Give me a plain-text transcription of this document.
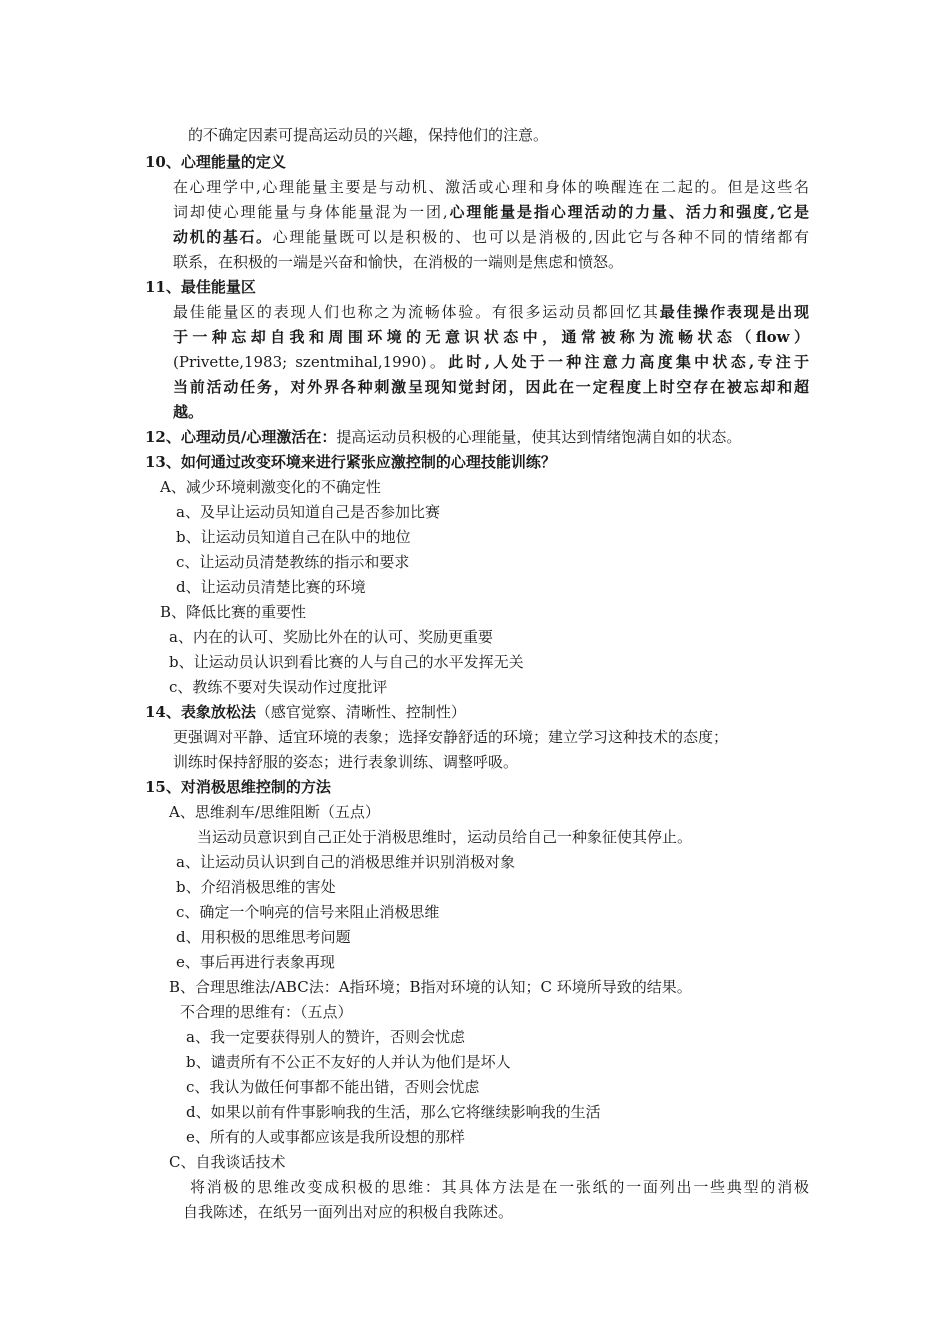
的不确定因素可提高运动员的兴趣，保持他们的注意。
10、心理能量的定义
在心理学中,心理能量主要是与动机、激活或心理和身体的唤醒连在二起的。但是这些名
词却使心理能量与身体能量混为一团,心理能量是指心理活动的力量、活力和强度,它是
动机的基石。心理能量既可以是积极的、也可以是消极的,因此它与各种不同的情绪都有
联系，在积极的一端是兴奋和愉快，在消极的一端则是焦虑和愤怒。
11、最佳能量区
最佳能量区的表现人们也称之为流畅体验。有很多运动员都回忆其最佳操作表现是出现
于一种忘却自我和周围环境的无意识状态中，通常被称为流畅状态（flow）
(Privette,1983; szentmihal,1990)。此时,人处于一种注意力高度集中状态,专注于
当前活动任务，对外界各种刺激呈现知觉封闭，因此在一定程度上时空存在被忘却和超
越。
12、心理动员/心理激活在：提高运动员积极的心理能量，使其达到情绪饱满自如的状态。
13、如何通过改变环境来进行紧张应激控制的心理技能训练？
A、减少环境刺激变化的不确定性
a、及早让运动员知道自己是否参加比赛
b、让运动员知道自己在队中的地位
c、让运动员清楚教练的指示和要求
d、让运动员清楚比赛的环境
B、降低比赛的重要性
a、内在的认可、奖励比外在的认可、奖励更重要
b、让运动员认识到看比赛的人与自己的水平发挥无关
c、教练不要对失误动作过度批评
14、表象放松法（感官觉察、清晰性、控制性）
更强调对平静、适宜环境的表象；选择安静舒适的环境；建立学习这种技术的态度；
训练时保持舒服的姿态；进行表象训练、调整呼吸。
15、对消极思维控制的方法
A、思维刹车/思维阻断（五点）
当运动员意识到自己正处于消极思维时，运动员给自己一种象征使其停止。
a、让运动员认识到自己的消极思维并识别消极对象
b、介绍消极思维的害处
c、确定一个响亮的信号来阻止消极思维
d、用积极的思维思考问题
e、事后再进行表象再现
B、合理思维法/ABC法：A指环境；B指对环境的认知；C 环境所导致的结果。
不合理的思维有：（五点）
a、我一定要获得别人的赞许，否则会忧虑
b、谴责所有不公正不友好的人并认为他们是坏人
c、我认为做任何事都不能出错，否则会忧虑
d、如果以前有件事影响我的生活，那么它将继续影响我的生活
e、所有的人或事都应该是我所设想的那样
C、自我谈话技术
将消极的思维改变成积极的思维：其具体方法是在一张纸的一面列出一些典型的消极
自我陈述，在纸另一面列出对应的积极自我陈述。
